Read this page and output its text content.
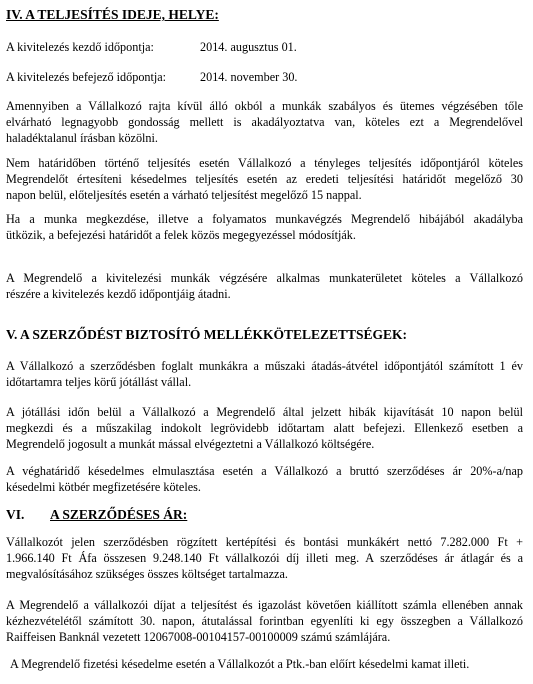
IV. A TELJESÍTÉS IDEJE, HELYE:
A kivitelezés kezdő időpontja:	2014. augusztus 01.
A kivitelezés befejező időpontja:	2014. november 30.

Amennyiben a Vállalkozó rajta kívül álló okból a munkák szabályos és ütemes végzésében tőle
elvárható legnagyobb gondosság mellett is akadályoztatva van, köteles ezt a Megrendelővel
haladéktalanul írásban közölni.

Nem határidőben történő teljesítés esetén Vállalkozó a tényleges teljesítés időpontjáról köteles
Megrendelőt értesíteni késedelmes teljesítés esetén az eredeti teljesítési határidőt megelőző 30
napon belül, előteljesítés esetén a várható teljesítést megelőző 15 nappal.

Ha a munka megkezdése, illetve a folyamatos munkavégzés Megrendelő hibájából akadályba
ütközik, a befejezési határidőt a felek közös megegyezéssel módosítják.

A Megrendelő a kivitelezési munkák végzésére alkalmas munkaterületet köteles a Vállalkozó
részére a kivitelezés kezdő időpontjáig átadni.

V. A SZERZŐDÉST BIZTOSÍTÓ MELLÉKKÖTELEZETTSÉGEK:

A Vállalkozó a szerződésben foglalt munkákra a műszaki átadás-átvétel időpontjától számított 1 év
időtartamra teljes körű jótállást vállal.

A jótállási időn belül a Vállalkozó a Megrendelő által jelzett hibák kijavítását 10 napon belül
megkezdi és a műszakilag indokolt legrövidebb időtartam alatt befejezi. Ellenkező esetben a
Megrendelő jogosult a munkát mással elvégeztetni a Vállalkozó költségére.

A véghatáridő késedelmes elmulasztása esetén a Vállalkozó a bruttó szerződéses ár 20%-a/nap
késedelmi kötbér megfizetésére köteles.

VI. A SZERZŐDÉSES ÁR:

Vállalkozót jelen szerződésben rögzített kertépítési és bontási munkákért nettó 7.282.000 Ft +
1.966.140 Ft Áfa összesen 9.248.140 Ft vállalkozói díj illeti meg. A szerződéses ár átlagár és a
megvalósításához szükséges összes költséget tartalmazza.

A Megrendelő a vállalkozói díjat a teljesítést és igazolást követően kiállított számla ellenében annak
kézhezvételétől számított 30. napon, átutalással forintban egyenlíti ki egy összegben a Vállalkozó
Raiffeisen Banknál vezetett 12067008-00104157-00100009 számú számlájára.

A Megrendelő fizetési késedelme esetén a Vállalkozót a Ptk.-ban előírt késedelmi kamat illeti.
